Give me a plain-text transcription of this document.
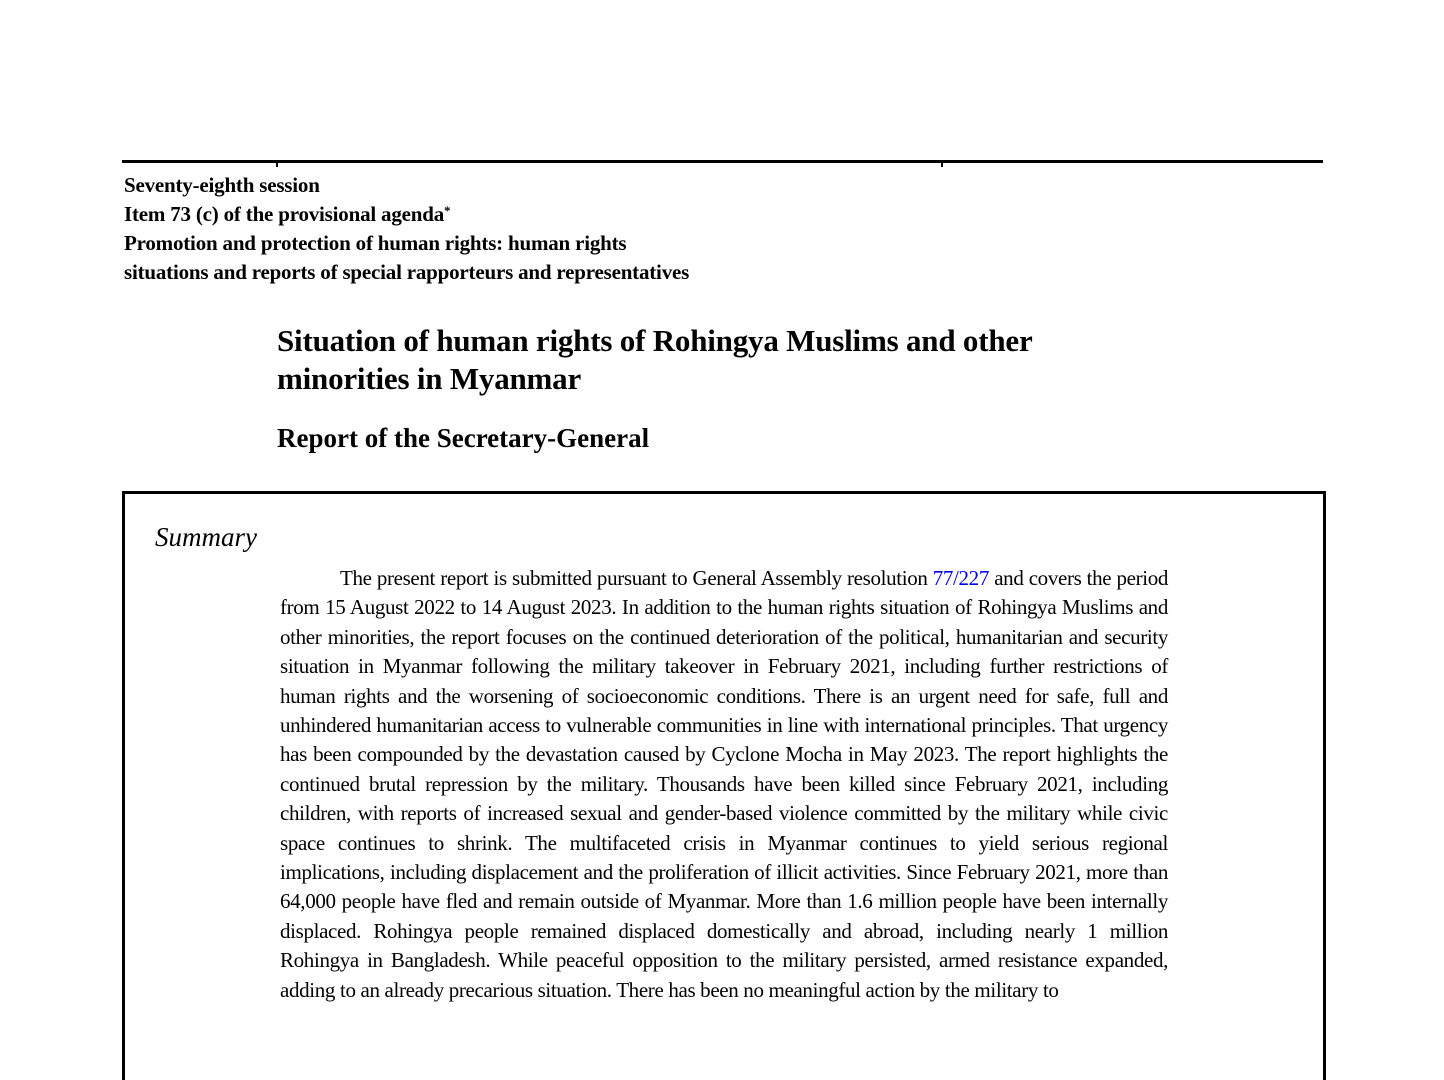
Seventy-eighth session
Item 73 (c) of the provisional agenda*
Promotion and protection of human rights: human rights
situations and reports of special rapporteurs and representatives
Situation of human rights of Rohingya Muslims and other
minorities in Myanmar
Report of the Secretary-General
Summary

The present report is submitted pursuant to General Assembly resolution 77/227 and covers the period from 15 August 2022 to 14 August 2023. In addition to the human rights situation of Rohingya Muslims and other minorities, the report focuses on the continued deterioration of the political, humanitarian and security situation in Myanmar following the military takeover in February 2021, including further restrictions of human rights and the worsening of socioeconomic conditions. There is an urgent need for safe, full and unhindered humanitarian access to vulnerable communities in line with international principles. That urgency has been compounded by the devastation caused by Cyclone Mocha in May 2023. The report highlights the continued brutal repression by the military. Thousands have been killed since February 2021, including children, with reports of increased sexual and gender-based violence committed by the military while civic space continues to shrink. The multifaceted crisis in Myanmar continues to yield serious regional implications, including displacement and the proliferation of illicit activities. Since February 2021, more than 64,000 people have fled and remain outside of Myanmar. More than 1.6 million people have been internally displaced. Rohingya people remained displaced domestically and abroad, including nearly 1 million Rohingya in Bangladesh. While peaceful opposition to the military persisted, armed resistance expanded, adding to an already precarious situation. There has been no meaningful action by the military to
